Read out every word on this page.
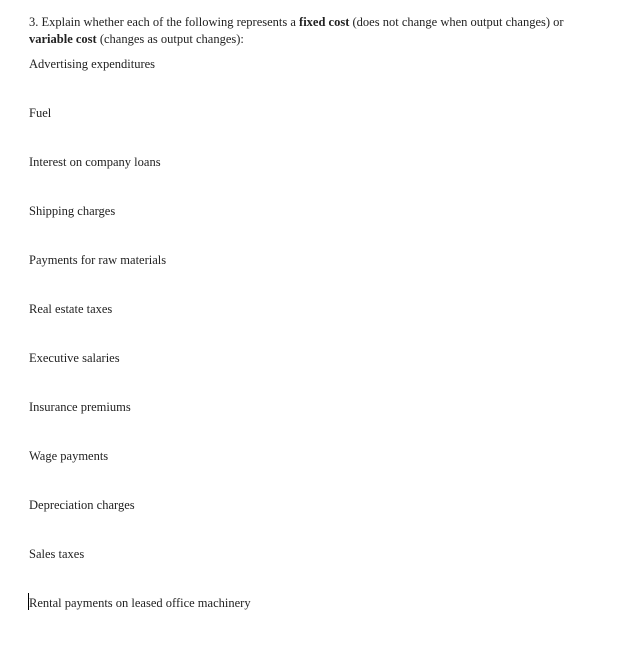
3. Explain whether each of the following represents a fixed cost (does not change when output changes) or variable cost (changes as output changes):

Advertising expenditures
Fuel
Interest on company loans
Shipping charges
Payments for raw materials
Real estate taxes
Executive salaries
Insurance premiums
Wage payments
Depreciation charges
Sales taxes
Rental payments on leased office machinery
